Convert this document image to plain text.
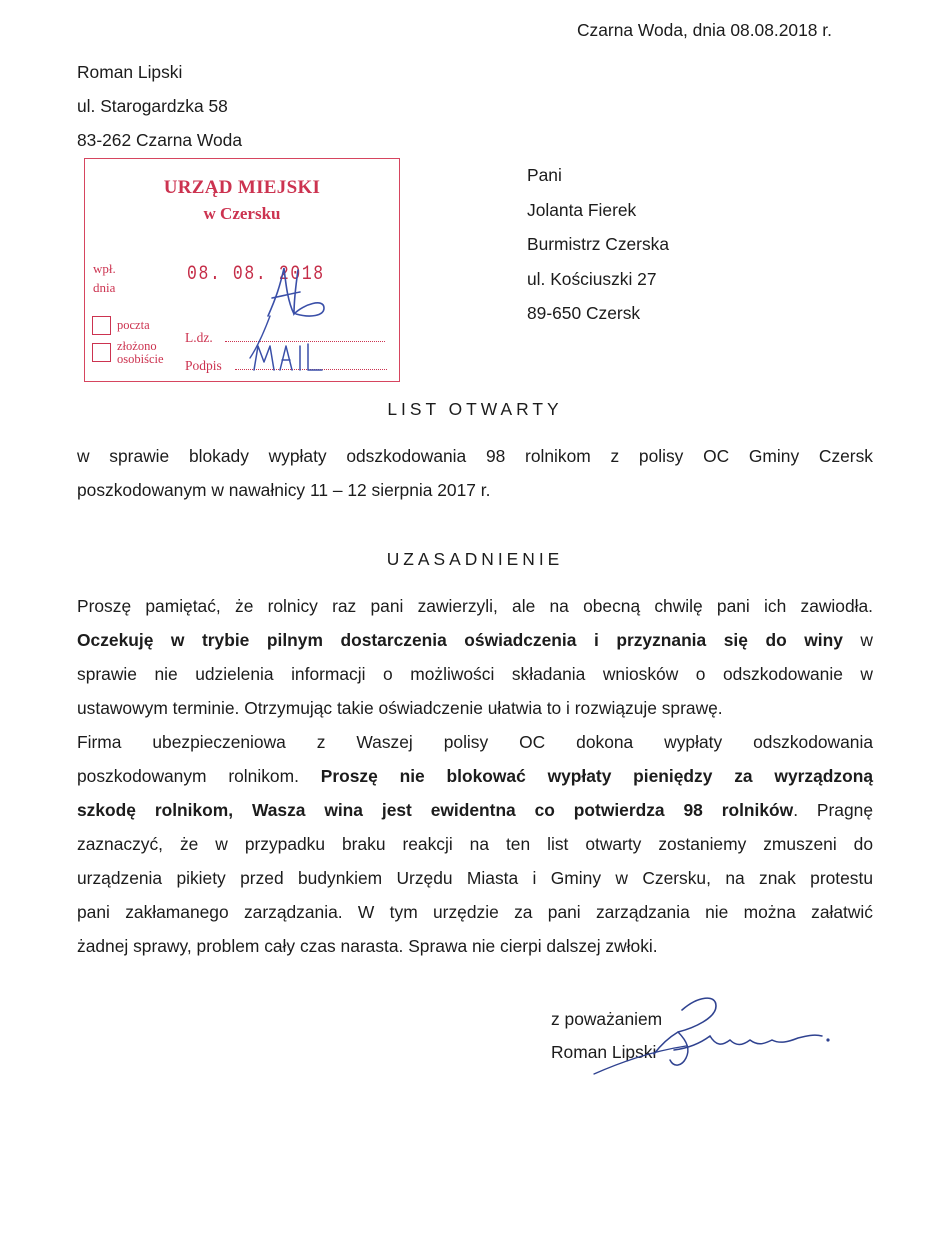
Czarna Woda, dnia 08.08.2018 r.
Roman Lipski
ul. Starogardzka 58
83-262 Czarna Woda
Pani
Jolanta Fierek
Burmistrz Czerska
ul. Kościuszki 27
89-650 Czersk
URZĄD MIEJSKI
w Czersku
wpł.
dnia
08. 08. 2018
poczta
złożono
osobiście
L.dz.
Podpis
LIST OTWARTY
w sprawie blokady wypłaty odszkodowania 98 rolnikom z polisy OC Gminy Czersk
poszkodowanym w nawałnicy 11 – 12 sierpnia 2017 r.
UZASADNIENIE
Proszę pamiętać, że rolnicy raz pani zawierzyli, ale na obecną chwilę pani ich zawiodła.
Oczekuję w trybie pilnym dostarczenia oświadczenia i przyznania się do winy w
sprawie nie udzielenia informacji o możliwości składania wniosków o odszkodowanie w
ustawowym terminie. Otrzymując takie oświadczenie ułatwia to i rozwiązuje sprawę.
Firma ubezpieczeniowa z Waszej polisy OC dokona wypłaty odszkodowania
poszkodowanym rolnikom. Proszę nie blokować wypłaty pieniędzy za wyrządzoną
szkodę rolnikom, Wasza wina jest ewidentna co potwierdza 98 rolników. Pragnę
zaznaczyć, że w przypadku braku reakcji na ten list otwarty zostaniemy zmuszeni do
urządzenia pikiety przed budynkiem Urzędu Miasta i Gminy w Czersku, na znak protestu
pani zakłamanego zarządzania. W tym urzędzie za pani zarządzania nie można załatwić
żadnej sprawy, problem cały czas narasta. Sprawa nie cierpi dalszej zwłoki.
z poważaniem
Roman Lipski
